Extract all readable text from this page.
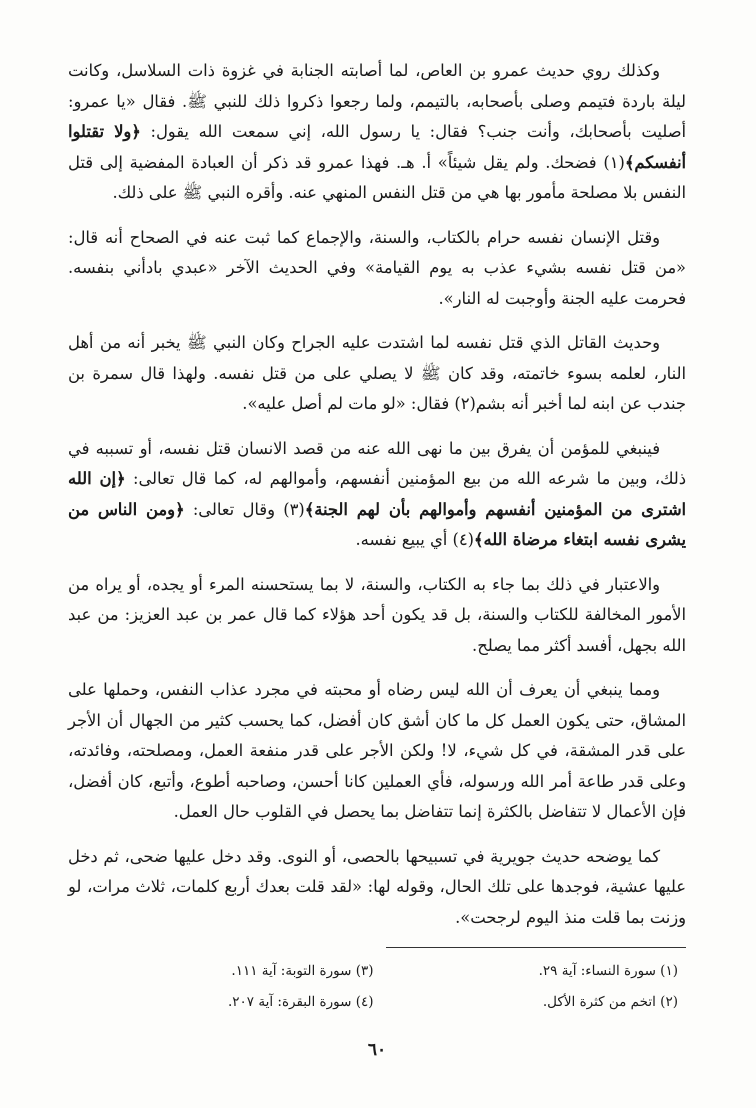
وكذلك روي حديث عمرو بن العاص، لما أصابته الجنابة في غزوة ذات السلاسل، وكانت ليلة باردة فتيمم وصلى بأصحابه، بالتيمم، ولما رجعوا ذكروا ذلك للنبي ﷺ. فقال «يا عمرو: أصليت بأصحابك، وأنت جنب؟ فقال: يا رسول الله، إني سمعت الله يقول: ﴿ولا تقتلوا أنفسكم﴾(١) فضحك. ولم يقل شيئاً» أ. هـ. فهذا عمرو قد ذكر أن العبادة المفضية إلى قتل النفس بلا مصلحة مأمور بها هي من قتل النفس المنهي عنه. وأقره النبي ﷺ على ذلك.

وقتل الإنسان نفسه حرام بالكتاب، والسنة، والإجماع كما ثبت عنه في الصحاح أنه قال: «من قتل نفسه بشيء عذب به يوم القيامة» وفي الحديث الآخر «عبدي بادأني بنفسه. فحرمت عليه الجنة وأوجبت له النار».

وحديث القاتل الذي قتل نفسه لما اشتدت عليه الجراح وكان النبي ﷺ يخبر أنه من أهل النار، لعلمه بسوء خاتمته، وقد كان ﷺ لا يصلي على من قتل نفسه. ولهذا قال سمرة بن جندب عن ابنه لما أخبر أنه بشم(٢) فقال: «لو مات لم أصل عليه».

فينبغي للمؤمن أن يفرق بين ما نهى الله عنه من قصد الانسان قتل نفسه، أو تسببه في ذلك، وبين ما شرعه الله من بيع المؤمنين أنفسهم، وأموالهم له، كما قال تعالى: ﴿إن الله اشترى من المؤمنين أنفسهم وأموالهم بأن لهم الجنة﴾(٣) وقال تعالى: ﴿ومن الناس من يشرى نفسه ابتغاء مرضاة الله﴾(٤) أي يبيع نفسه.

والاعتبار في ذلك بما جاء به الكتاب، والسنة، لا بما يستحسنه المرء أو يجده، أو يراه من الأمور المخالفة للكتاب والسنة، بل قد يكون أحد هؤلاء كما قال عمر بن عبد العزيز: من عبد الله بجهل، أفسد أكثر مما يصلح.

ومما ينبغي أن يعرف أن الله ليس رضاه أو محبته في مجرد عذاب النفس، وحملها على المشاق، حتى يكون العمل كل ما كان أشق كان أفضل، كما يحسب كثير من الجهال أن الأجر على قدر المشقة، في كل شيء، لا! ولكن الأجر على قدر منفعة العمل، ومصلحته، وفائدته، وعلى قدر طاعة أمر الله ورسوله، فأي العملين كانا أحسن، وصاحبه أطوع، وأتبع، كان أفضل، فإن الأعمال لا تتفاضل بالكثرة إنما تتفاضل بما يحصل في القلوب حال العمل.

كما يوضحه حديث جويرية في تسبيحها بالحصى، أو النوى. وقد دخل عليها ضحى، ثم دخل عليها عشية، فوجدها على تلك الحال، وقوله لها: «لقد قلت بعدك أربع كلمات، ثلاث مرات، لو وزنت بما قلت منذ اليوم لرجحت».

(١) سورة النساء: آية ٢٩.
(٢) اتخم من كثرة الأكل.
(٣) سورة التوبة: آية ١١١.
(٤) سورة البقرة: آية ٢٠٧.
٦٠
